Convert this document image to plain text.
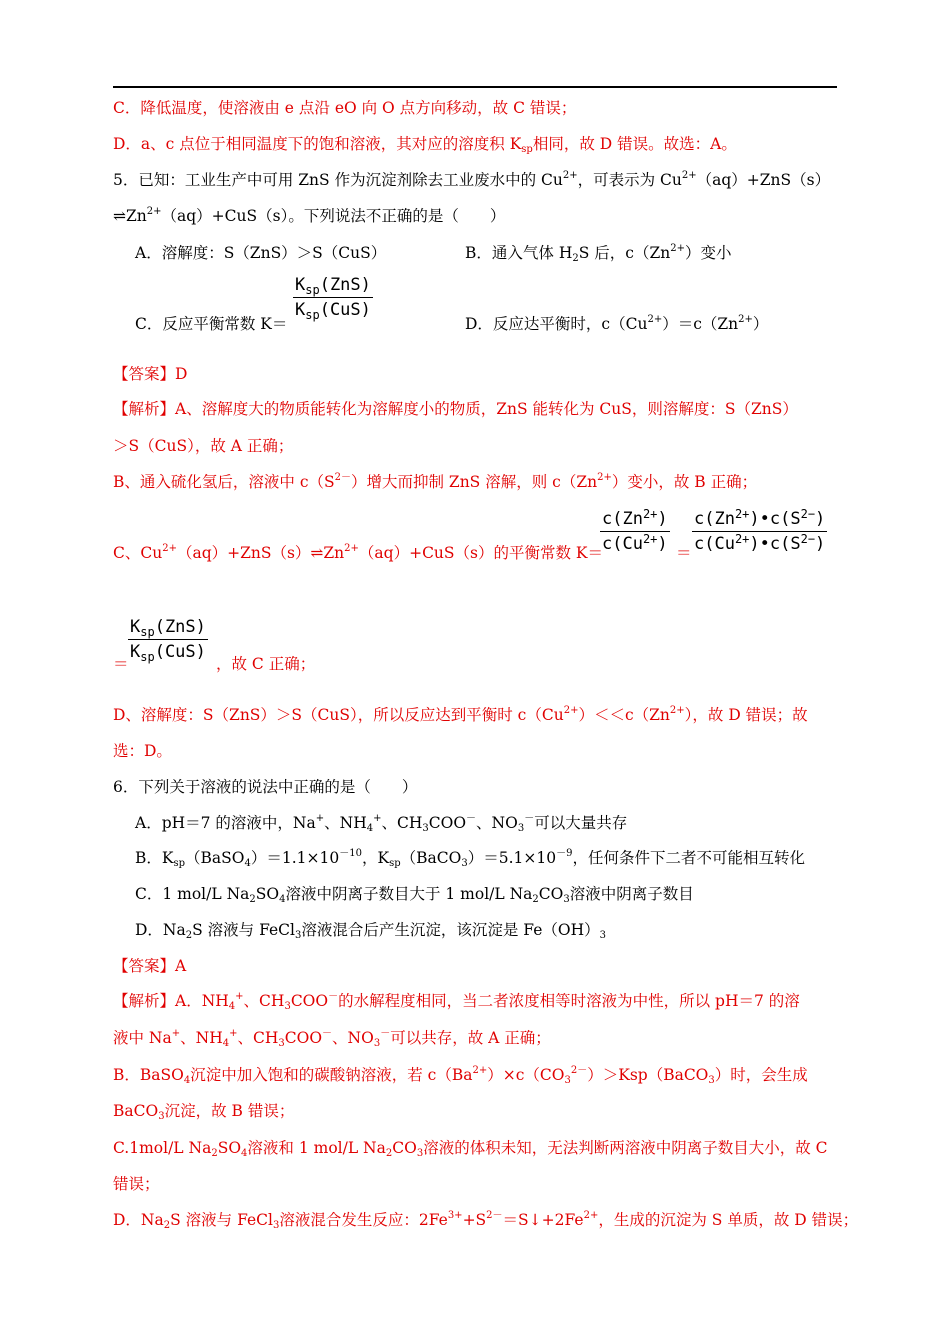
C．降低温度，使溶液由 e 点沿 eO 向 O 点方向移动，故 C 错误；
D．a、c 点位于相同温度下的饱和溶液，其对应的溶度积 $K_{sp}$相同，故 D 错误。故选：A。
5．已知：工业生产中可用 ZnS 作为沉淀剂除去工业废水中的 $Cu^{2+}$，可表示为 $Cu^{2+}(aq)+ZnS(s)$
$\rightleftharpoons Zn^{2+}(aq)+CuS(s)$。下列说法不正确的是（　　）
A．溶解度：S（ZnS）＞S（CuS）	B．通入气体 $H_2S$ 后，$c(Zn^{2+})$变小
C．反应平衡常数 K＝
$K_{sp}(ZnS)$
$K_{sp}(CuS)$
D．反应达平衡时，$c(Cu^{2+})=c(Zn^{2+})$
【答案】D
【解析】A、溶解度大的物质能转化为溶解度小的物质，ZnS 能转化为 CuS，则溶解度：S（ZnS）
＞S（CuS），故 A 正确；
B、通入硫化氢后，溶液中 $c(S^{2-})$增大而抑制 ZnS 溶解，则 $c(Zn^{2+})$变小，故 B 正确；
C、$Cu^{2+}(aq)+ZnS(s)\rightleftharpoons Zn^{2+}(aq)+CuS(s)$的平衡常数 K＝
$c(Zn^{2+})$
$c(Cu^{2+})$ ＝
$c(Zn^{2+})•c(S^{2-})$
$c(Cu^{2+})•c(S^{2-})$
＝
$K_{sp}(ZnS)$
$K_{sp}(CuS)$
，故 C 正确；
D、溶解度：S（ZnS）＞S（CuS），所以反应达到平衡时 $c(Cu^{2+})<<c(Zn^{2+})$，故 D 错误；故
选：D。
6．下列关于溶液的说法中正确的是（　　）
A．pH＝7 的溶液中，Na+、$NH_4^+$、$CH_3COO^-$、$NO_3^-$可以大量共存
B．$K_{sp}(BaSO_4)=1.1\times 10^{-10}$，$K_{sp}(BaCO_3)=5.1\times 10^{-9}$，任何条件下二者不可能相互转化
C．1 mol/L $Na_2SO_4$溶液中阴离子数目大于 1 mol/L $Na_2CO_3$溶液中阴离子数目
D．$Na_2S$ 溶液与 FeCl$_3$溶液混合后产生沉淀，该沉淀是 $Fe(OH)_3$
【答案】A
【解析】A．$NH_4^+$、$CH_3COO^-$的水解程度相同，当二者浓度相等时溶液为中性，所以 pH＝7 的溶
液中 Na+、$NH_4^+$、$CH_3COO^-$、$NO_3^-$可以共存，故 A 正确；
B．BaSO$_4$沉淀中加入饱和的碳酸钠溶液，若 $c(Ba^{2+})\times c(CO_3^{2-})>Ksp(BaCO_3)$时，会生成
BaCO$_3$沉淀，故 B 错误；
C.1mol/L $Na_2SO_4$溶液和 1 mol/L $Na_2CO_3$溶液的体积未知，无法判断两溶液中阴离子数目大小，故 C
错误；
D．$Na_2S$ 溶液与 FeCl$_3$溶液混合发生反应：$2Fe^{3+}+S^{2-}=S↓+2Fe^{2+}$，生成的沉淀为 S 单质，故 D 错误；
